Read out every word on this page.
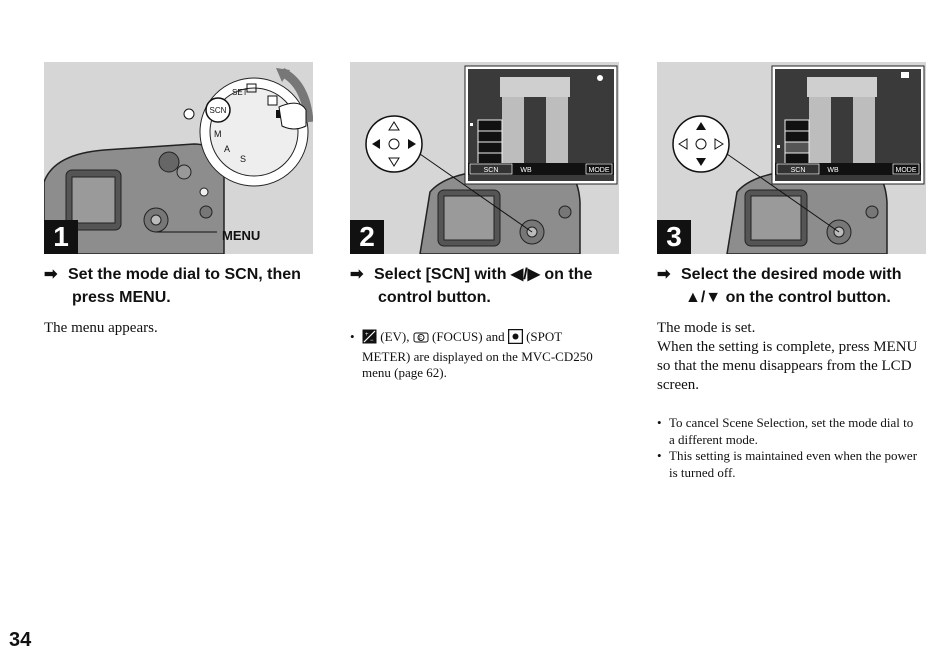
SCN
SET
M
A
S
MENU
1
SCN	WB	MODE
2
SCN	WB	MODE
3
➡ Set the mode dial to SCN, then
press MENU.
The menu appears.
➡ Select [SCN] with ◀/▶ on the
control button.
• +
− (EV), F (FOCUS) and (SPOT
METER) are displayed on the MVC-CD250
menu (page 62).
➡ Select the desired mode with
▲/▼ on the control button.
The mode is set.
When the setting is complete, press MENU
so that the menu disappears from the LCD
screen.
• To cancel Scene Selection, set the mode dial to
a different mode.
• This setting is maintained even when the power
is turned off.
34
